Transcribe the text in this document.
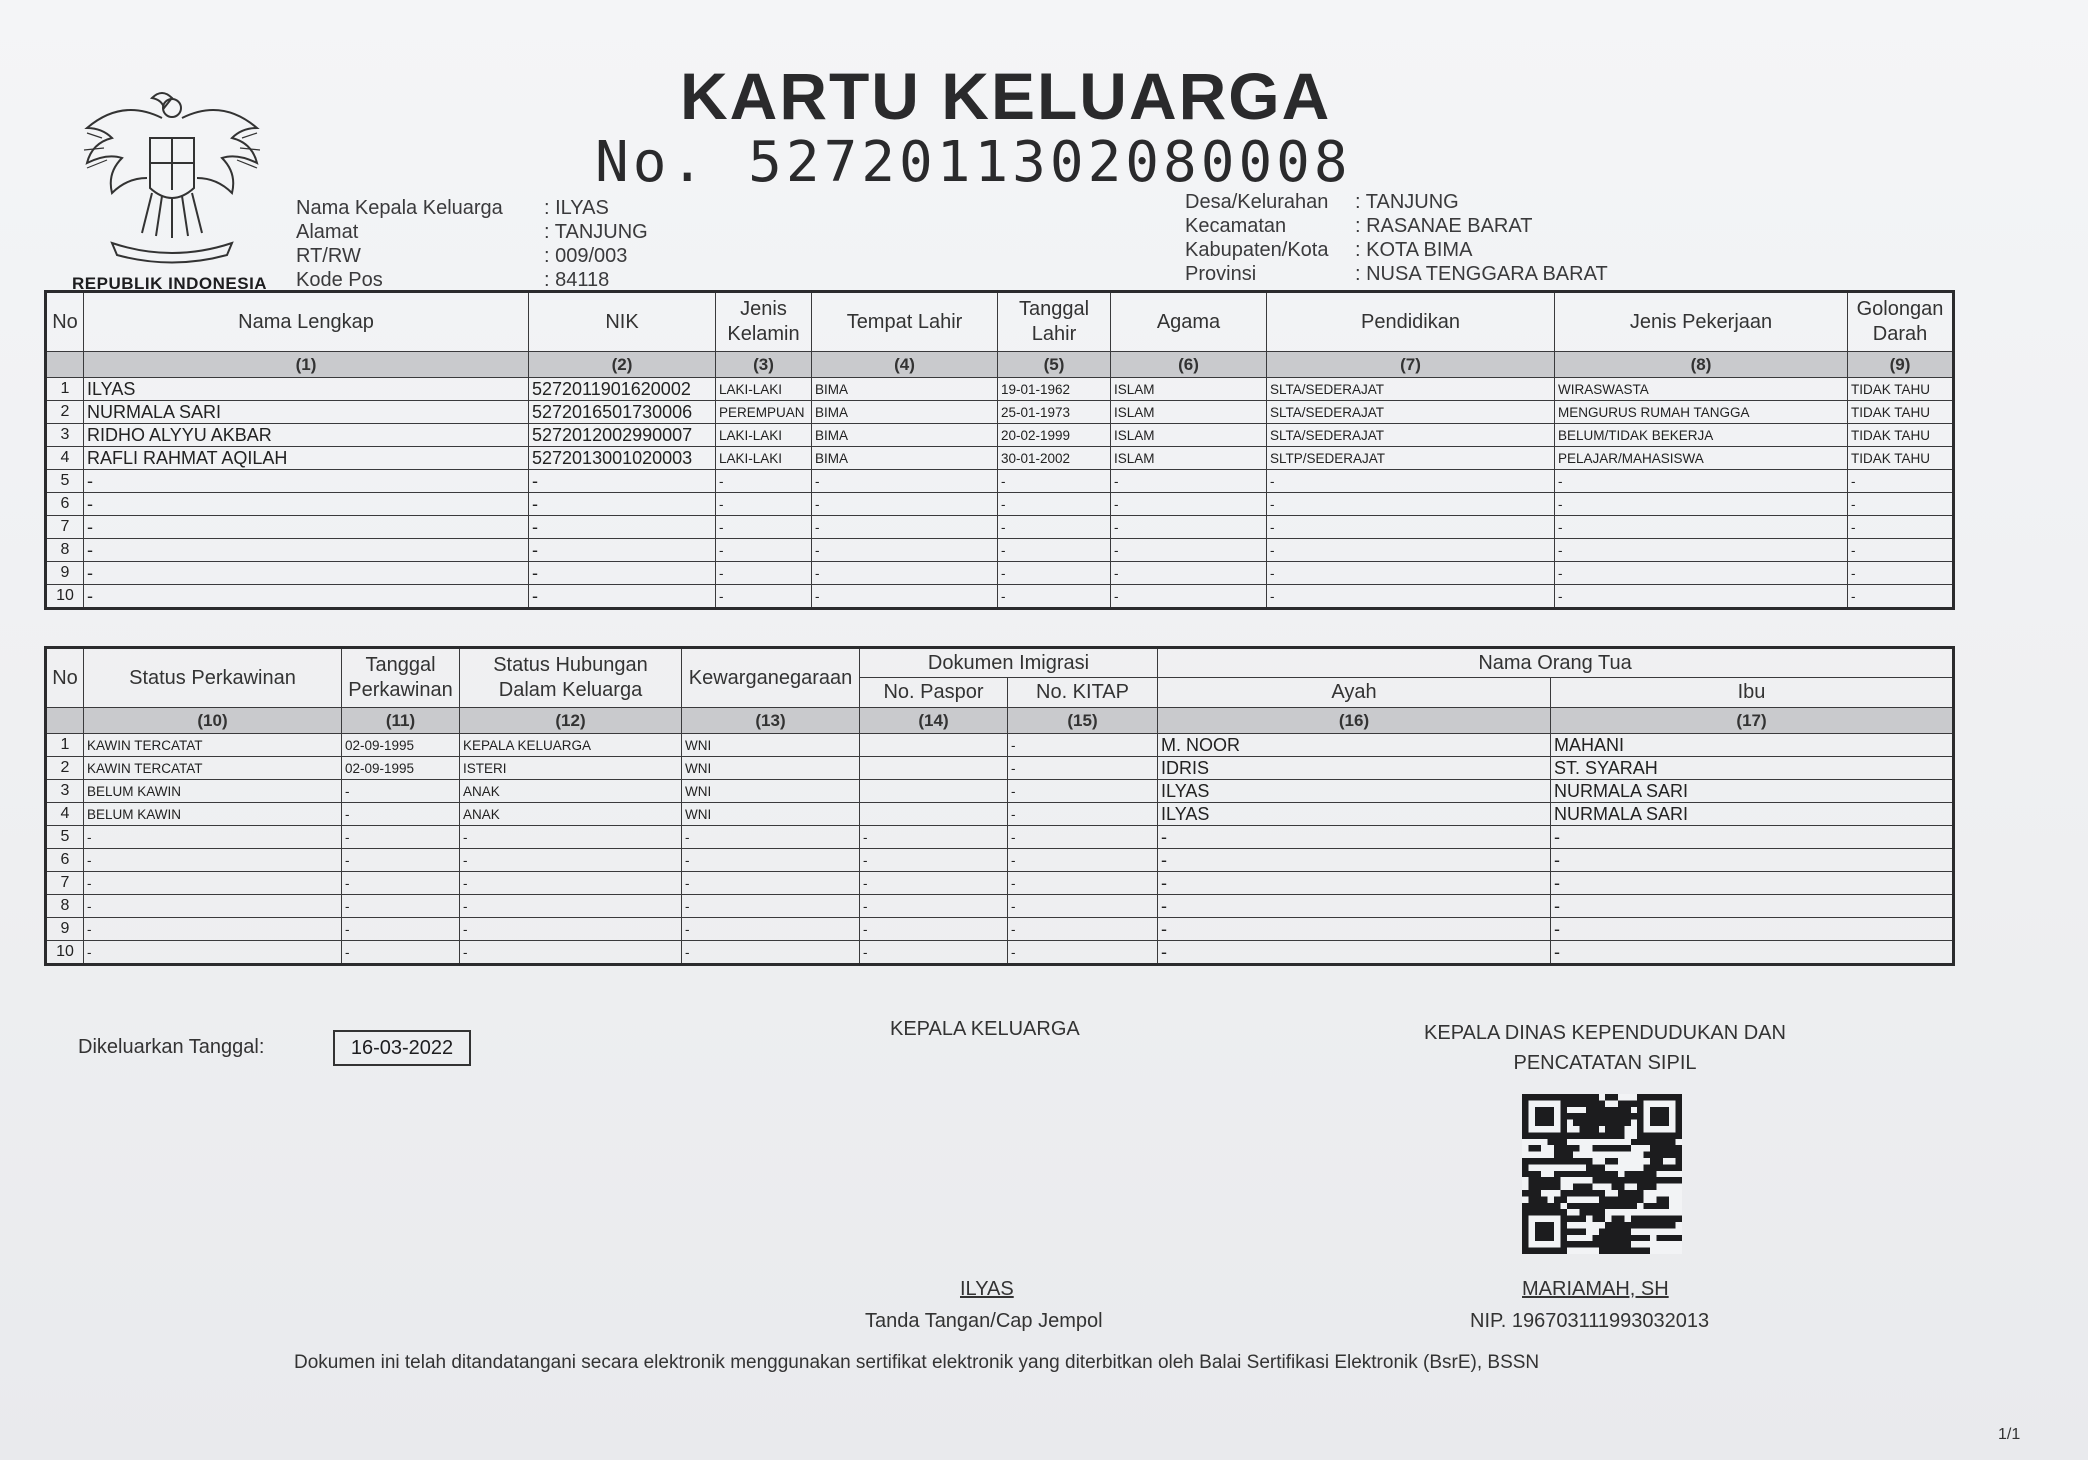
REPUBLIK INDONESIA
KARTU KELUARGA
No. 5272011302080008
Nama Kepala Keluarga	: ILYAS
Alamat	: TANJUNG
RT/RW	: 009/003
Kode Pos	: 84118
Desa/Kelurahan	: TANJUNG
Kecamatan	: RASANAE BARAT
Kabupaten/Kota	: KOTA BIMA
Provinsi	: NUSA TENGGARA BARAT
No	Nama Lengkap	NIK	Jenis Kelamin	Tempat Lahir	Tanggal Lahir	Agama	Pendidikan	Jenis Pekerjaan	Golongan Darah
	(1)	(2)	(3)	(4)	(5)	(6)	(7)	(8)	(9)
1	ILYAS	5272011901620002	LAKI-LAKI	BIMA	19-01-1962	ISLAM	SLTA/SEDERAJAT	WIRASWASTA	TIDAK TAHU
2	NURMALA SARI	5272016501730006	PEREMPUAN	BIMA	25-01-1973	ISLAM	SLTA/SEDERAJAT	MENGURUS RUMAH TANGGA	TIDAK TAHU
3	RIDHO ALYYU AKBAR	5272012002990007	LAKI-LAKI	BIMA	20-02-1999	ISLAM	SLTA/SEDERAJAT	BELUM/TIDAK BEKERJA	TIDAK TAHU
4	RAFLI RAHMAT AQILAH	5272013001020003	LAKI-LAKI	BIMA	30-01-2002	ISLAM	SLTP/SEDERAJAT	PELAJAR/MAHASISWA	TIDAK TAHU
5	-	-	-	-	-	-	-	-	-
6	-	-	-	-	-	-	-	-	-
7	-	-	-	-	-	-	-	-	-
8	-	-	-	-	-	-	-	-	-
9	-	-	-	-	-	-	-	-	-
10	-	-	-	-	-	-	-	-	-
No	Status Perkawinan	Tanggal Perkawinan	Status Hubungan Dalam Keluarga	Kewarganegaraan	Dokumen Imigrasi		Nama Orang Tua	
					No. Paspor	No. KITAP	Ayah	Ibu
	(10)	(11)	(12)	(13)	(14)	(15)	(16)	(17)
1	KAWIN TERCATAT	02-09-1995	KEPALA KELUARGA	WNI		-	M. NOOR	MAHANI
2	KAWIN TERCATAT	02-09-1995	ISTERI	WNI		-	IDRIS	ST. SYARAH
3	BELUM KAWIN	-	ANAK	WNI		-	ILYAS	NURMALA SARI
4	BELUM KAWIN	-	ANAK	WNI		-	ILYAS	NURMALA SARI
5	-	-	-	-	-	-	-	-
6	-	-	-	-	-	-	-	-
7	-	-	-	-	-	-	-	-
8	-	-	-	-	-	-	-	-
9	-	-	-	-	-	-	-	-
10	-	-	-	-	-	-	-	-
Dikeluarkan Tanggal:	16-03-2022
KEPALA KELUARGA	KEPALA DINAS KEPENDUDUKAN DAN
PENCATATAN SIPIL
ILYAS
Tanda Tangan/Cap Jempol
MARIAMAH, SH
NIP. 196703111993032013
Dokumen ini telah ditandatangani secara elektronik menggunakan sertifikat elektronik yang diterbitkan oleh Balai Sertifikasi Elektronik (BsrE), BSSN
1/1
